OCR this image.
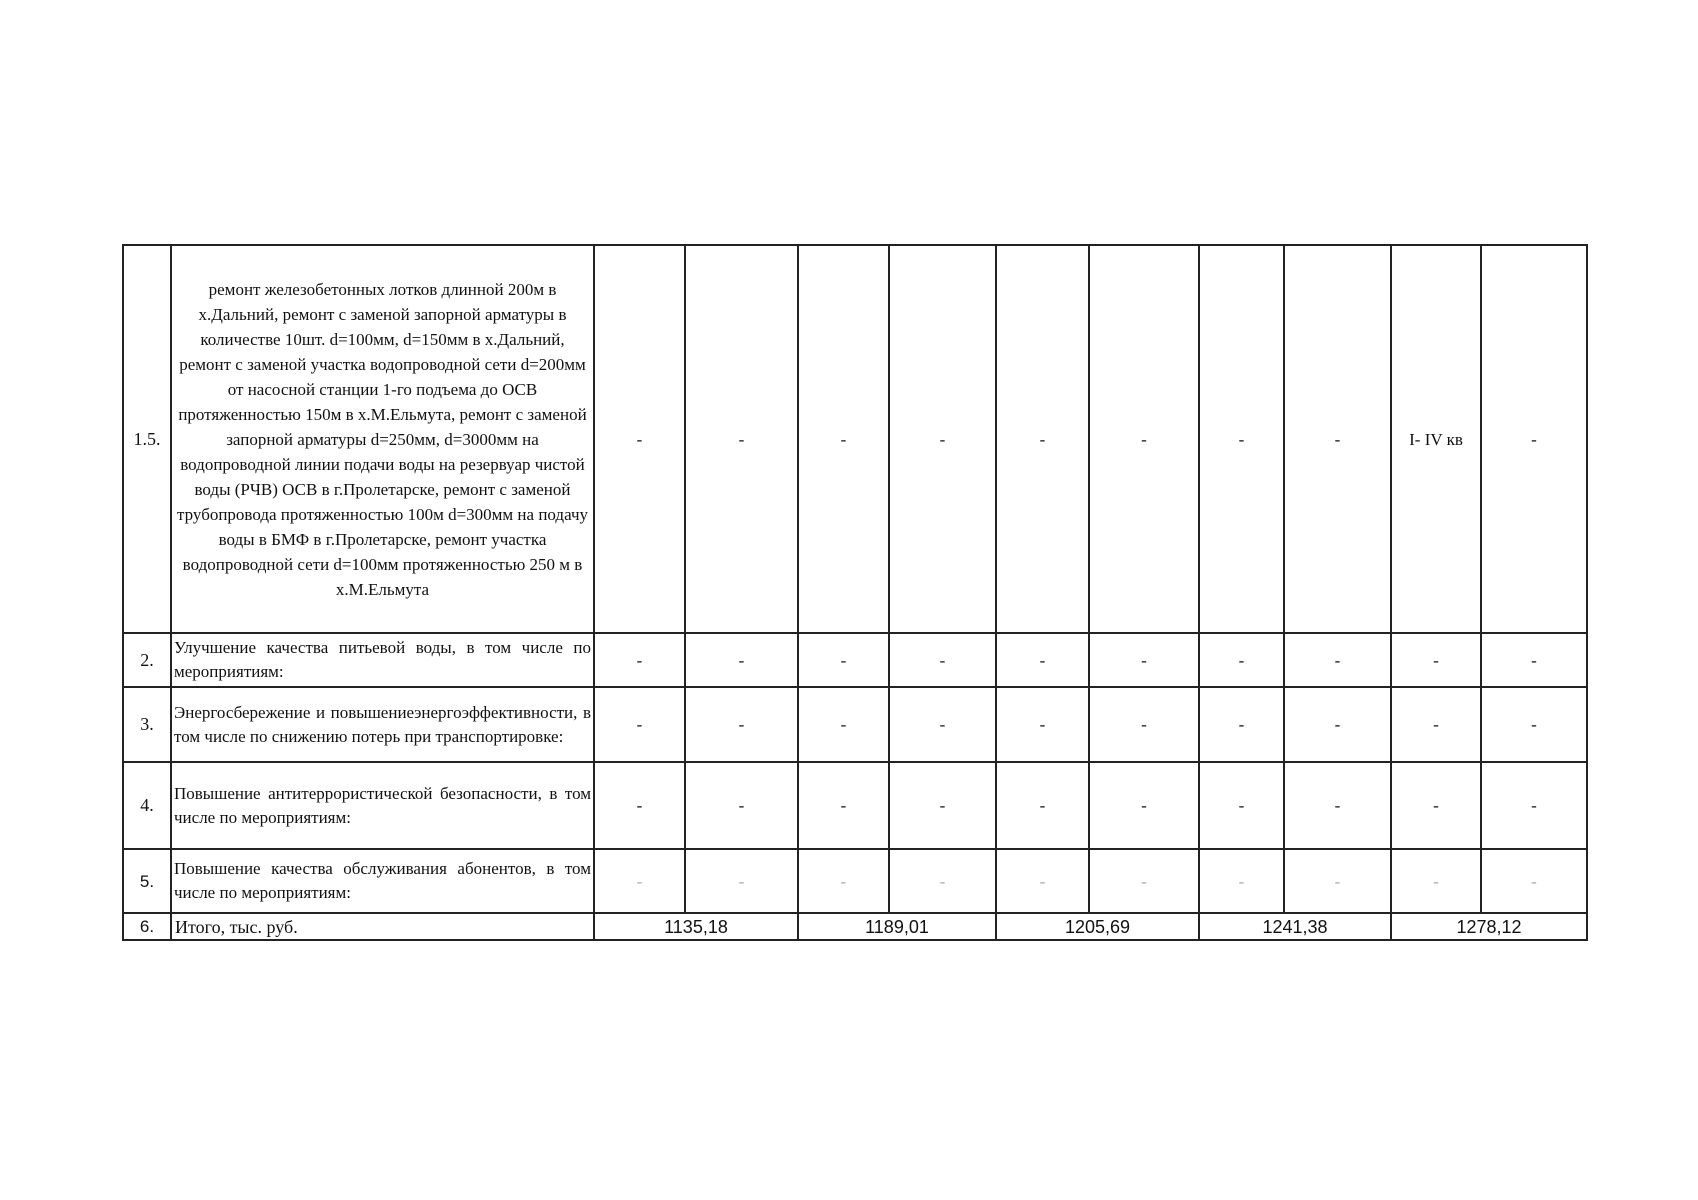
1.5.	ремонт железобетонных лотков длинной 200м в х.Дальний, ремонт с заменой запорной арматуры в количестве 10шт. d=100мм, d=150мм в х.Дальний, ремонт с заменой участка водопроводной сети d=200мм от насосной станции 1-го подъема до ОСВ протяженностью 150м в х.М.Ельмута, ремонт с заменой запорной арматуры d=250мм, d=3000мм на водопроводной линии подачи воды на резервуар чистой воды (РЧВ) ОСВ в г.Пролетарске, ремонт с заменой трубопровода протяженностью 100м d=300мм на подачу воды в БМФ в г.Пролетарске, ремонт участка водопроводной сети d=100мм протяженностью 250 м в х.М.Ельмута	-	-	-	-	-	-	-	-	I- IV кв	-
2.	Улучшение качества питьевой воды, в том числе по мероприятиям:	-	-	-	-	-	-	-	-	-	-
3.	Энергосбережение и повышениеэнергоэффективности, в том числе по снижению потерь при транспортировке:	-	-	-	-	-	-	-	-	-	-
4.	Повышение антитеррористической безопасности, в том числе по мероприятиям:	-	-	-	-	-	-	-	-	-	-
5.	Повышение качества обслуживания абонентов, в том числе по мероприятиям:	-	-	-	-	-	-	-	-	-	-
6.	Итого, тыс. руб.	1135,18		1189,01		1205,69		1241,38		1278,12	
